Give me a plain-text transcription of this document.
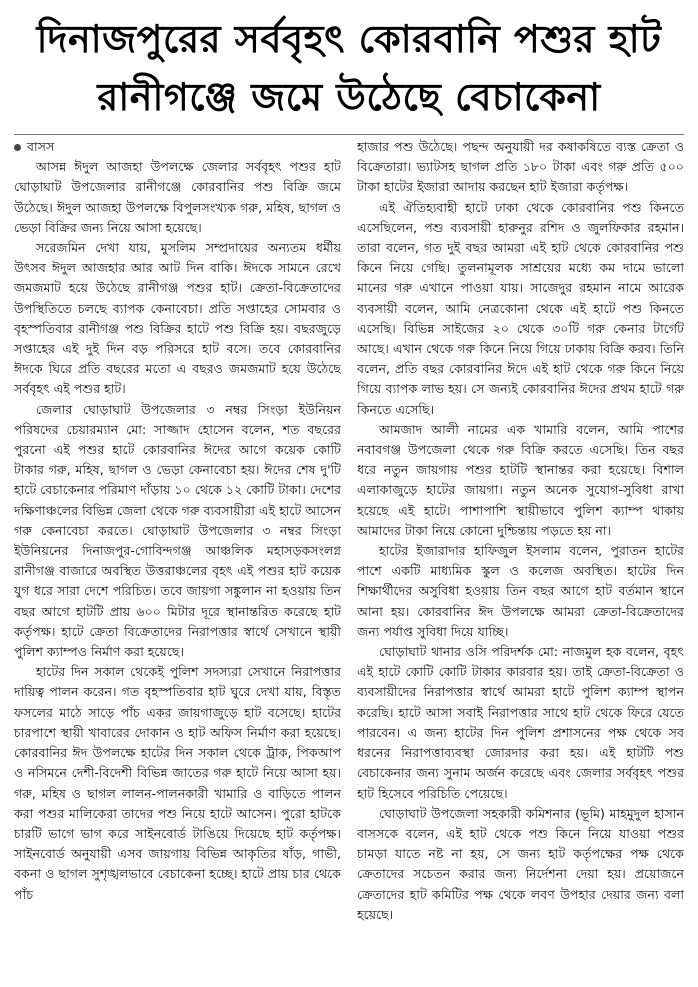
দিনাজপুরের সর্ববৃহৎ কোরবানি পশুর হাট
রানীগঞ্জে জমে উঠেছে বেচাকেনা
বাসস

আসন্ন ঈদুল আজহা উপলক্ষে জেলার সর্ববৃহৎ পশুর হাট ঘোড়াঘাট উপজেলার রানীগঞ্জে কোরবানির পশু বিক্রি জমে উঠেছে। ঈদুল আজহা উপলক্ষে বিপুলসংখ্যক গরু, মহিষ, ছাগল ও ভেড়া বিক্রির জন্য নিয়ে আসা হয়েছে।

সরেজমিন দেখা যায়, মুসলিম সম্প্রদায়ের অন্যতম ধর্মীয় উৎসব ঈদুল আজহার আর আট দিন বাকি। ঈদকে সামনে রেখে জমজমাট হয়ে উঠেছে রানীগঞ্জ পশুর হাট। ক্রেতা-বিক্রেতাদের উপস্থিতিতে চলছে ব্যাপক কেনাবেচা। প্রতি সপ্তাহের সোমবার ও বৃহস্পতিবার রানীগঞ্জ পশু বিক্রির হাটে পশু বিক্রি হয়। বছরজুড়ে সপ্তাহের এই দুই দিন বড় পরিসরে হাট বসে। তবে কোরবানির ঈদকে ঘিরে প্রতি বছরের মতো এ বছরও জমজমাট হয়ে উঠেছে সর্ববৃহৎ এই পশুর হাট।

জেলার ঘোড়াঘাট উপজেলার ৩ নম্বর সিংড়া ইউনিয়ন পরিষদের চেয়ারম্যান মো: সাজ্জাদ হোসেন বলেন, শত বছরের পুরনো এই পশুর হাটে কোরবানির ঈদের আগে কয়েক কোটি টাকার গরু, মহিষ, ছাগল ও ভেড়া কেনাবেচা হয়। ঈদের শেষ দু'টি হাটে বেচাকেনার পরিমাণ দাঁড়ায় ১০ থেকে ১২ কোটি টাকা। দেশের দক্ষিণাঞ্চলের বিভিন্ন জেলা থেকে গরু ব্যবসায়ীরা এই হাটে আসেন গরু কেনাবেচা করতে। ঘোড়াঘাট উপজেলার ৩ নম্বর সিংড়া ইউনিয়নের দিনাজপুর-গোবিন্দগঞ্জ আঞ্চলিক মহাসড়কসংলগ্ন রানীগঞ্জ বাজারে অবস্থিত উত্তরাঞ্চলের বৃহৎ এই পশুর হাট কয়েক যুগ ধরে সারা দেশে পরিচিত। তবে জায়গা সঙ্কুলান না হওয়ায় তিন বছর আগে হাটটি প্রায় ৬০০ মিটার দূরে স্থানান্তরিত করেছে হাট কর্তৃপক্ষ। হাটে ক্রেতা বিক্রেতাদের নিরাপত্তার স্বার্থে সেখানে স্থায়ী পুলিশ ক্যাম্পও নির্মাণ করা হয়েছে।

হাটের দিন সকাল থেকেই পুলিশ সদস্যরা সেখানে নিরাপত্তার দায়িত্ব পালন করেন। গত বৃহস্পতিবার হাট ঘুরে দেখা যায়, বিস্তৃত ফসলের মাঠে সাড়ে পাঁচ একর জায়গাজুড়ে হাট বসেছে। হাটের চারপাশে স্থায়ী খাবারের দোকান ও হাট অফিস নির্মাণ করা হয়েছে। কোরবানির ঈদ উপলক্ষে হাটের দিন সকাল থেকে ট্রাক, পিকআপ ও নসিমনে দেশী-বিদেশী বিভিন্ন জাতের গরু হাটে নিয়ে আসা হয়। গরু, মহিষ ও ছাগল লালন-পালনকারী খামারি ও বাড়িতে পালন করা পশুর মালিকেরা তাদের পশু নিয়ে হাটে আসেন। পুরো হাটকে চারটি ভাগে ভাগ করে সাইনবোর্ড টাঙিয়ে দিয়েছে হাট কর্তৃপক্ষ। সাইনবোর্ড অনুযায়ী এসব জায়গায় বিভিন্ন আকৃতির ষাঁড়, গাভী, বকনা ও ছাগল সুশৃঙ্খলভাবে বেচাকেনা হচ্ছে। হাটে প্রায় চার থেকে পাঁচ

হাজার পশু উঠেছে। পছন্দ অনুযায়ী দর কষাকষিতে ব্যস্ত ক্রেতা ও বিক্রেতারা। ভ্যাটসহ ছাগল প্রতি ১৮০ টাকা এবং গরু প্রতি ৫০০ টাকা হাটের ইজারা আদায় করছেন হাট ইজারা কর্তৃপক্ষ।

এই ঐতিহ্যবাহী হাটে ঢাকা থেকে কোরবানির পশু কিনতে এসেছিলেন, পশু ব্যবসায়ী হারুনুর রশিদ ও জুলফিকার রহমান। তারা বলেন, গত দুই বছর আমরা এই হাট থেকে কোরবানির পশু কিনে নিয়ে গেছি। তুলনামূলক সাশ্রয়ের মধ্যে কম দামে ভালো মানের গরু এখানে পাওয়া যায়। সাজেদুর রহমান নামে আরেক ব্যবসায়ী বলেন, আমি নেত্রকোনা থেকে এই হাটে পশু কিনতে এসেছি। বিভিন্ন সাইজের ২০ থেকে ৩০টি গরু কেনার টার্গেট আছে। এখান থেকে গরু কিনে নিয়ে গিয়ে ঢাকায় বিক্রি করব। তিনি বলেন, প্রতি বছর কোরবানির ঈদে এই হাট থেকে গরু কিনে নিয়ে গিয়ে ব্যাপক লাভ হয়। সে জন্যই কোরবানির ঈদের প্রথম হাটে গরু কিনতে এসেছি।

আমজাদ আলী নামের এক খামারি বলেন, আমি পাশের নবাবগঞ্জ উপজেলা থেকে গরু বিক্রি করতে এসেছি। তিন বছর ধরে নতুন জায়গায় পশুর হাটটি স্থানান্তর করা হয়েছে। বিশাল এলাকাজুড়ে হাটের জায়গা। নতুন অনেক সুযোগ-সুবিধা রাখা হয়েছে এই হাটে। পাশাপাশি স্থায়ীভাবে পুলিশ ক্যাম্প থাকায় আমাদের টাকা নিয়ে কোনো দুশ্চিন্তায় পড়তে হয় না।

হাটের ইজারাদার হাফিজুল ইসলাম বলেন, পুরাতন হাটের পাশে একটি মাধ্যমিক স্কুল ও কলেজ অবস্থিত। হাটের দিন শিক্ষার্থীদের অসুবিধা হওয়ায় তিন বছর আগে হাট বর্তমান স্থানে আনা হয়। কোরবানির ঈদ উপলক্ষে আমরা ক্রেতা-বিক্রেতাদের জন্য পর্যাপ্ত সুবিধা দিয়ে যাচ্ছি।

ঘোড়াঘাট থানার ওসি পরিদর্শক মো: নাজমুল হক বলেন, বৃহৎ এই হাটে কোটি কোটি টাকার কারবার হয়। তাই ক্রেতা-বিক্রেতা ও ব্যবসায়ীদের নিরাপত্তার স্বার্থে আমরা হাটে পুলিশ ক্যাম্প স্থাপন করেছি। হাটে আসা সবাই নিরাপত্তার সাথে হাট থেকে ফিরে যেতে পারবেন। এ জন্য হাটের দিন পুলিশ প্রশাসনের পক্ষ থেকে সব ধরনের নিরাপত্তাব্যবস্থা জোরদার করা হয়। এই হাটটি পশু বেচাকেনার জন্য সুনাম অর্জন করেছে এবং জেলার সর্ববৃহৎ পশুর হাট হিসেবে পরিচিতি পেয়েছে।

ঘোড়াঘাট উপজেলা সহকারী কমিশনার (ভূমি) মাহমুদুল হাসান বাসসকে বলেন, এই হাট থেকে পশু কিনে নিয়ে যাওয়া পশুর চামড়া যাতে নষ্ট না হয়, সে জন্য হাট কর্তৃপক্ষের পক্ষ থেকে ক্রেতাদের সচেতন করার জন্য নির্দেশনা দেয়া হয়। প্রয়োজনে ক্রেতাদের হাট কমিটির পক্ষ থেকে লবণ উপহার দেয়ার জন্য বলা হয়েছে।
